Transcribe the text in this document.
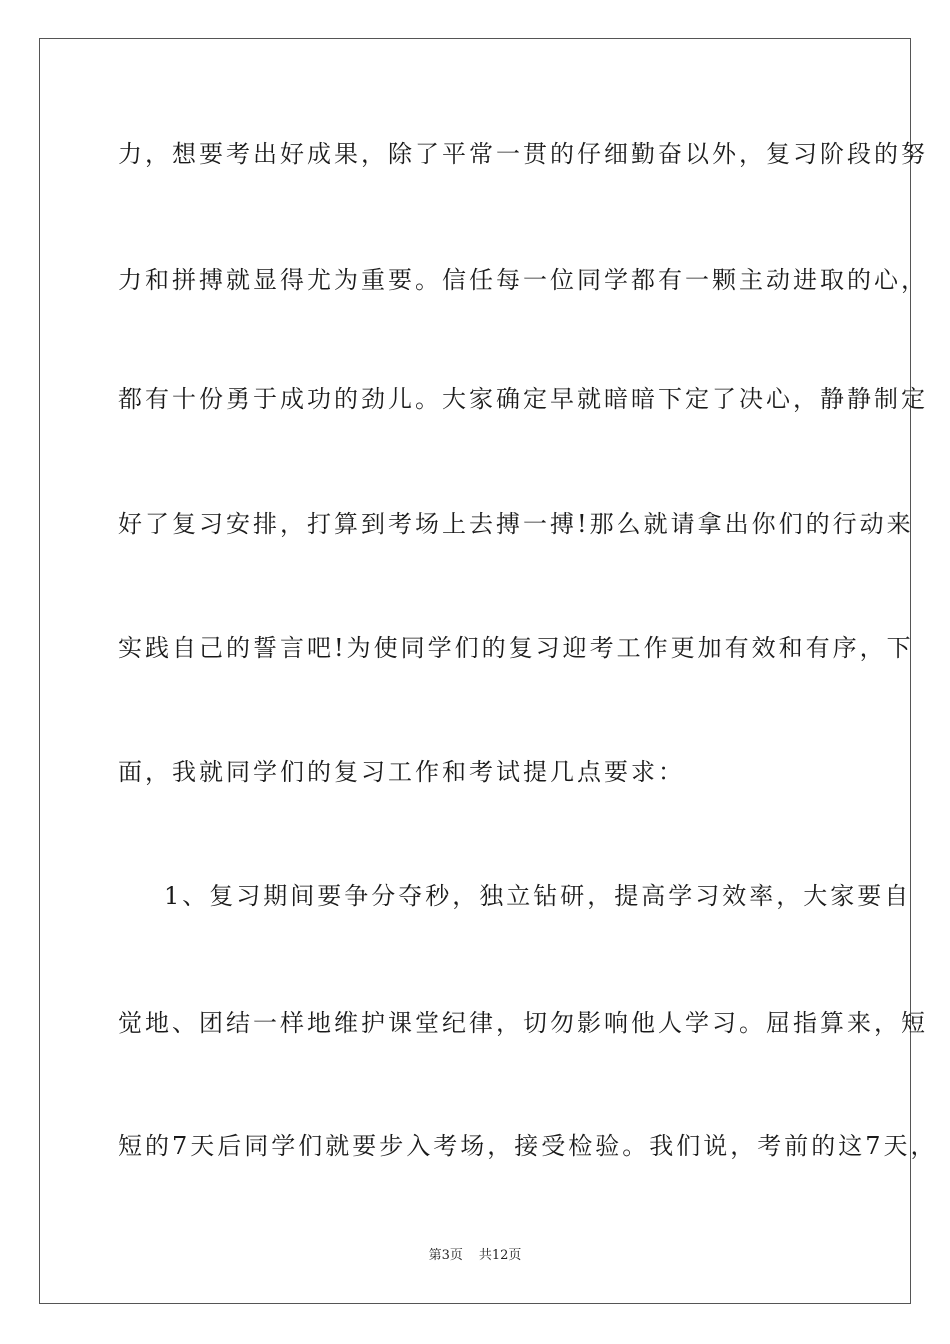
力，想要考出好成果，除了平常一贯的仔细勤奋以外，复习阶段的努
力和拼搏就显得尤为重要。信任每一位同学都有一颗主动进取的心，
都有十份勇于成功的劲儿。大家确定早就暗暗下定了决心，静静制定
好了复习安排，打算到考场上去搏一搏!那么就请拿出你们的行动来
实践自己的誓言吧!为使同学们的复习迎考工作更加有效和有序，下
面，我就同学们的复习工作和考试提几点要求：
1、复习期间要争分夺秒，独立钻研，提高学习效率，大家要自
觉地、团结一样地维护课堂纪律，切勿影响他人学习。屈指算来，短
短的7天后同学们就要步入考场，接受检验。我们说，考前的这7天，
第3页 共12页
